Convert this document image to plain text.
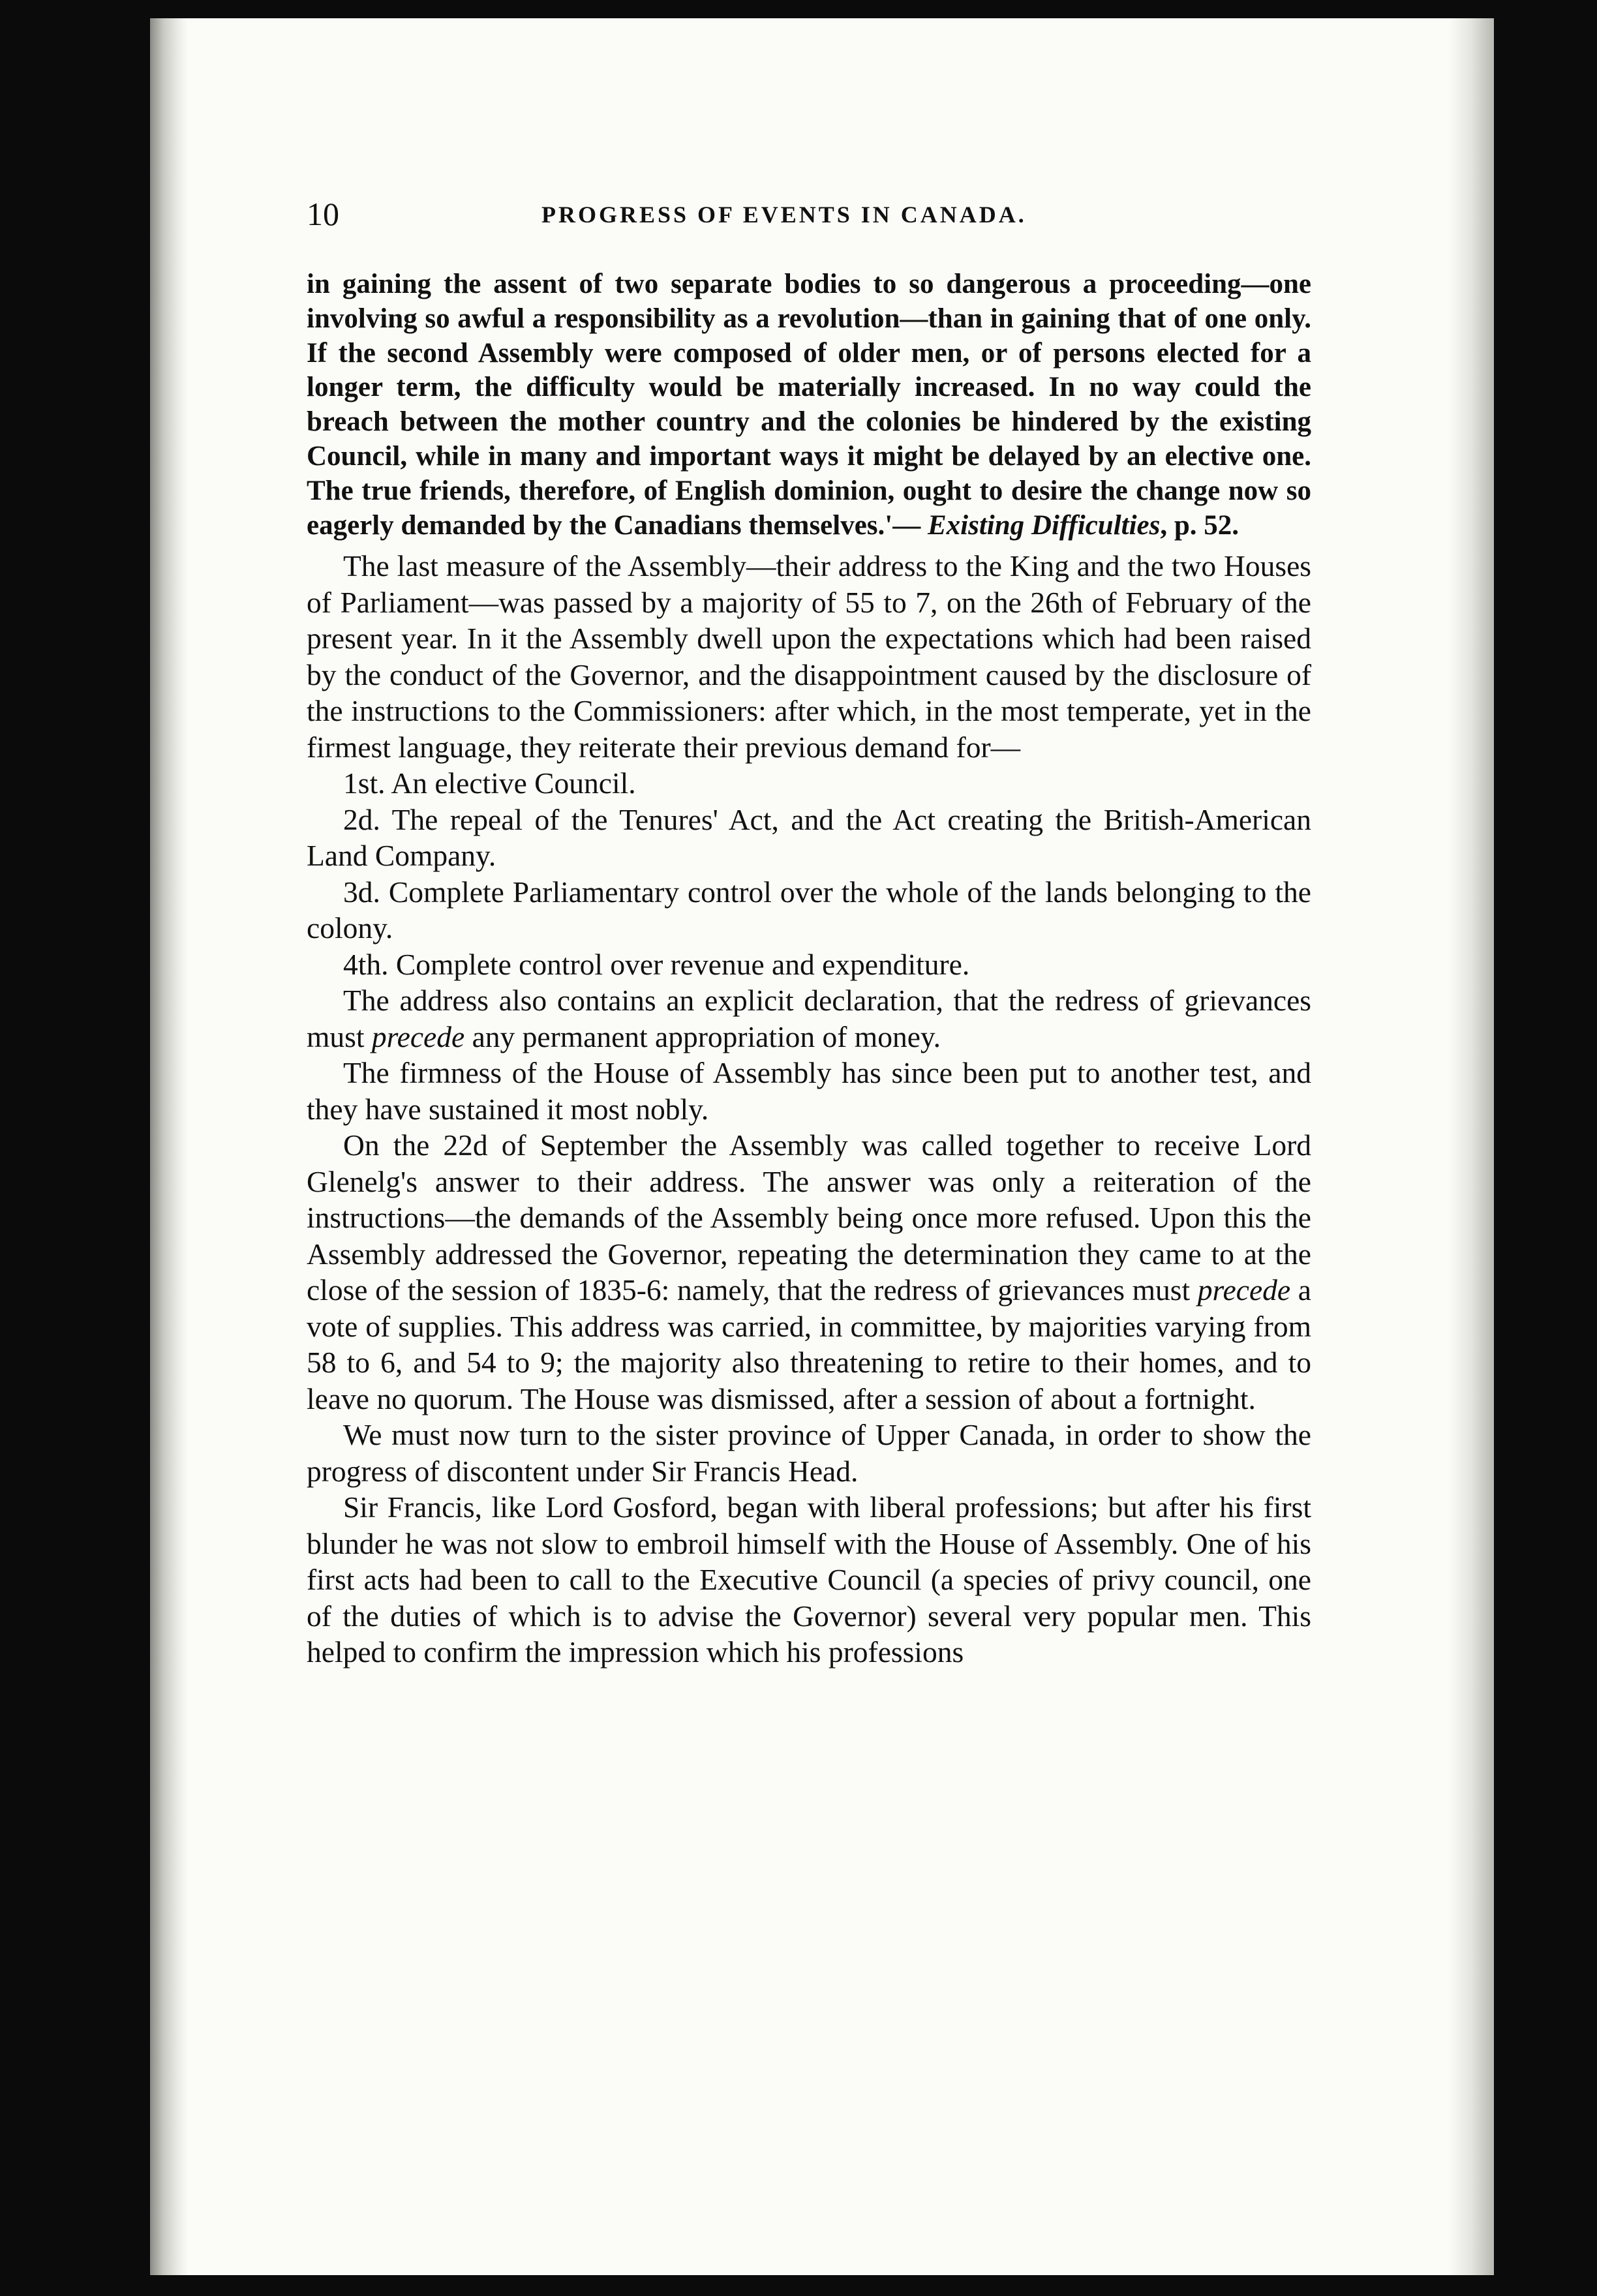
10	PROGRESS OF EVENTS IN CANADA.

in gaining the assent of two separate bodies to so dangerous a proceeding—one involving so awful a responsibility as a revolution—than in gaining that of one only. If the second Assembly were composed of older men, or of persons elected for a longer term, the difficulty would be materially increased. In no way could the breach between the mother country and the colonies be hindered by the existing Council, while in many and important ways it might be delayed by an elective one. The true friends, therefore, of English dominion, ought to desire the change now so eagerly demanded by the Canadians themselves.'— Existing Difficulties, p. 52.

The last measure of the Assembly—their address to the King and the two Houses of Parliament—was passed by a majority of 55 to 7, on the 26th of February of the present year. In it the Assembly dwell upon the expectations which had been raised by the conduct of the Governor, and the disappointment caused by the disclosure of the instructions to the Commissioners: after which, in the most temperate, yet in the firmest language, they reiterate their previous demand for—

1st. An elective Council.

2d. The repeal of the Tenures' Act, and the Act creating the British-American Land Company.

3d. Complete Parliamentary control over the whole of the lands belonging to the colony.

4th. Complete control over revenue and expenditure.

The address also contains an explicit declaration, that the redress of grievances must precede any permanent appropriation of money.

The firmness of the House of Assembly has since been put to another test, and they have sustained it most nobly.

On the 22d of September the Assembly was called together to receive Lord Glenelg's answer to their address. The answer was only a reiteration of the instructions—the demands of the Assembly being once more refused. Upon this the Assembly addressed the Governor, repeating the determination they came to at the close of the session of 1835-6: namely, that the redress of grievances must precede a vote of supplies. This address was carried, in committee, by majorities varying from 58 to 6, and 54 to 9; the majority also threatening to retire to their homes, and to leave no quorum. The House was dismissed, after a session of about a fortnight.

We must now turn to the sister province of Upper Canada, in order to show the progress of discontent under Sir Francis Head.

Sir Francis, like Lord Gosford, began with liberal professions; but after his first blunder he was not slow to embroil himself with the House of Assembly. One of his first acts had been to call to the Executive Council (a species of privy council, one of the duties of which is to advise the Governor) several very popular men. This helped to confirm the impression which his professions
